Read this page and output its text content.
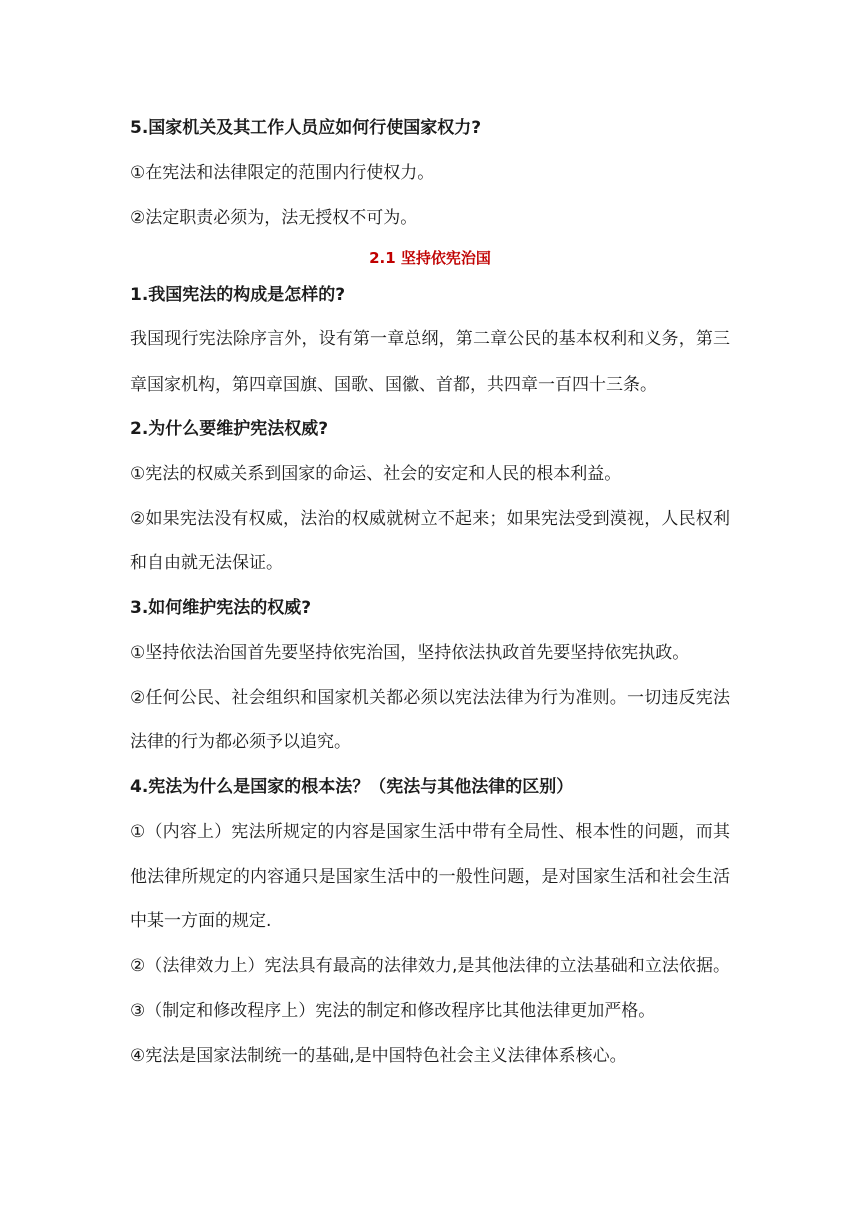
5.国家机关及其工作人员应如何行使国家权力?
①在宪法和法律限定的范围内行使权力。
②法定职责必须为，法无授权不可为。
2.1 坚持依宪治国
1.我国宪法的构成是怎样的?
我国现行宪法除序言外，设有第一章总纲，第二章公民的基本权利和义务，第三
章国家机构，第四章国旗、国歌、国徽、首都，共四章一百四十三条。
2.为什么要维护宪法权威?
①宪法的权威关系到国家的命运、社会的安定和人民的根本利益。
②如果宪法没有权威，法治的权威就树立不起来；如果宪法受到漠视，人民权利
和自由就无法保证。
3.如何维护宪法的权威?
①坚持依法治国首先要坚持依宪治国，坚持依法执政首先要坚持依宪执政。
②任何公民、社会组织和国家机关都必须以宪法法律为行为准则。一切违反宪法
法律的行为都必须予以追究。
4.宪法为什么是国家的根本法？（宪法与其他法律的区别）
①（内容上）宪法所规定的内容是国家生活中带有全局性、根本性的问题，而其
他法律所规定的内容通只是国家生活中的一般性问题，是对国家生活和社会生活
中某一方面的规定.
②（法律效力上）宪法具有最高的法律效力,是其他法律的立法基础和立法依据。
③（制定和修改程序上）宪法的制定和修改程序比其他法律更加严格。
④宪法是国家法制统一的基础,是中国特色社会主义法律体系核心。
